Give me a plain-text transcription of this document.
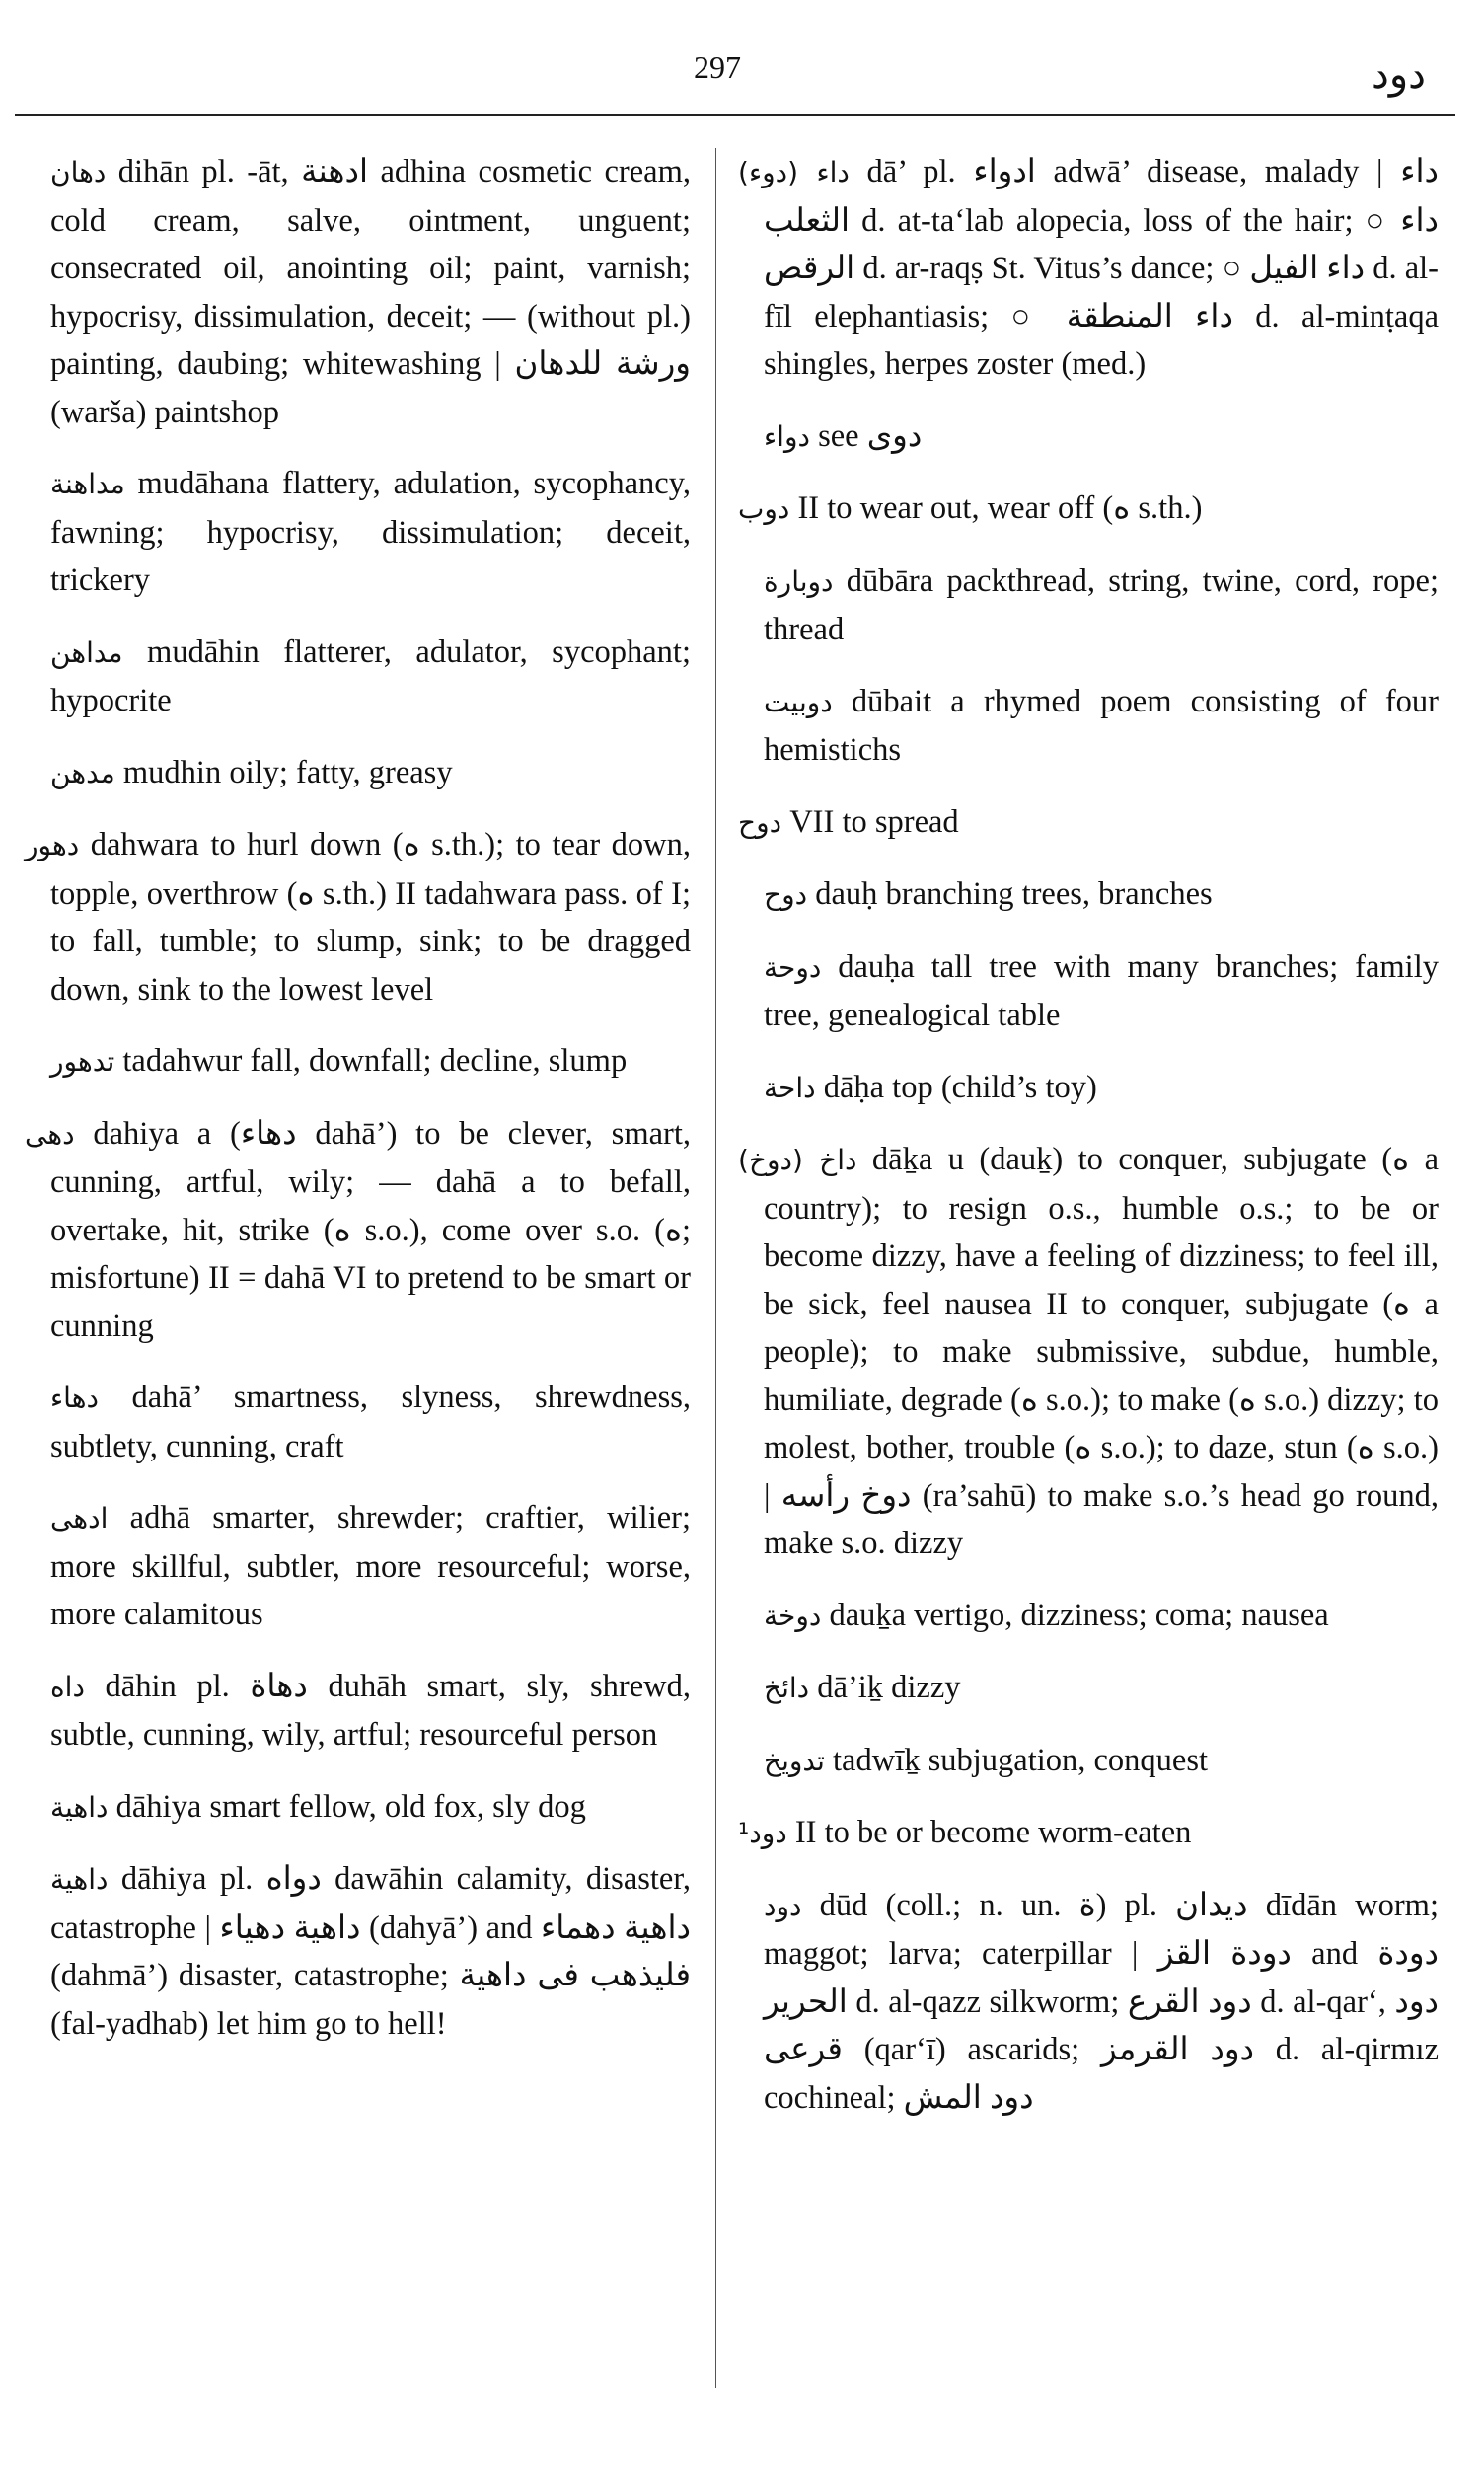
297	دود
دهان dihān pl. -āt, ادهنة adhina cosmetic cream, cold cream, salve, ointment, unguent; consecrated oil, anointing oil; paint, varnish; hypocrisy, dissimulation, deceit; — (without pl.) painting, daubing; whitewashing | ورشة للدهان (warša) paintshop
مداهنة mudāhana flattery, adulation, sycophancy, fawning; hypocrisy, dissimulation; deceit, trickery
مداهن mudāhin flatterer, adulator, sycophant; hypocrite
مدهن mudhin oily; fatty, greasy
دهور dahwara to hurl down (ه s.th.); to tear down, topple, overthrow (ه s.th.) II tadahwara pass. of I; to fall, tumble; to slump, sink; to be dragged down, sink to the lowest level
تدهور tadahwur fall, downfall; decline, slump
دهى dahiya a (دهاء dahā’) to be clever, smart, cunning, artful, wily; — dahā a to befall, overtake, hit, strike (ه s.o.), come over s.o. (ه; misfortune) II = dahā VI to pretend to be smart or cunning
دهاء dahā’ smartness, slyness, shrewdness, subtlety, cunning, craft
ادهى adhā smarter, shrewder; craftier, wilier; more skillful, subtler, more resourceful; worse, more calamitous
داه dāhin pl. دهاة duhāh smart, sly, shrewd, subtle, cunning, wily, artful; resourceful person
داهية dāhiya smart fellow, old fox, sly dog
داهية dāhiya pl. دواه dawāhin calamity, disaster, catastrophe | داهية دهياء (dahyā’) and داهية دهماء (dahmā’) disaster, catastrophe; فليذهب فى داهية (fal-yadhab) let him go to hell!
(دوء) داء dā’ pl. ادواء adwā’ disease, malady | داء الثعلب d. at-ta‘lab alopecia, loss of the hair; ○ داء الرقص d. ar-raqṣ St. Vitus’s dance; ○ داء الفيل d. al-fīl elephantiasis; ○ داء المنطقة d. al-minṭaqa shingles, herpes zoster (med.)
دواء see دوى
دوب II to wear out, wear off (ه s.th.)
دوبارة dūbāra packthread, string, twine, cord, rope; thread
دوبيت dūbait a rhymed poem consisting of four hemistichs
دوح VII to spread
دوح dauḥ branching trees, branches
دوحة dauḥa tall tree with many branches; family tree, genealogical table
داحة dāḥa top (child’s toy)
(دوخ) داخ dāḵa u (dauḵ) to conquer, subjugate (ه a country); to resign o.s., humble o.s.; to be or become dizzy, have a feeling of dizziness; to feel ill, be sick, feel nausea II to conquer, subjugate (ه a people); to make submissive, subdue, humble, humiliate, degrade (ه s.o.); to make (ه s.o.) dizzy; to molest, bother, trouble (ه s.o.); to daze, stun (ه s.o.) | دوخ رأسه (ra’sahū) to make s.o.’s head go round, make s.o. dizzy
دوخة dauḵa vertigo, dizziness; coma; nausea
دائخ dā’iḵ dizzy
تدويخ tadwīḵ subjugation, conquest
¹دود II to be or become worm-eaten
دود dūd (coll.; n. un. ة) pl. ديدان dīdān worm; maggot; larva; caterpillar | دودة القز and دودة الحرير d. al-qazz silkworm; دود القرع d. al-qar‘, دود قرعى (qar‘ī) ascarids; دود القرمز d. al-qirmız cochineal; دود المش
